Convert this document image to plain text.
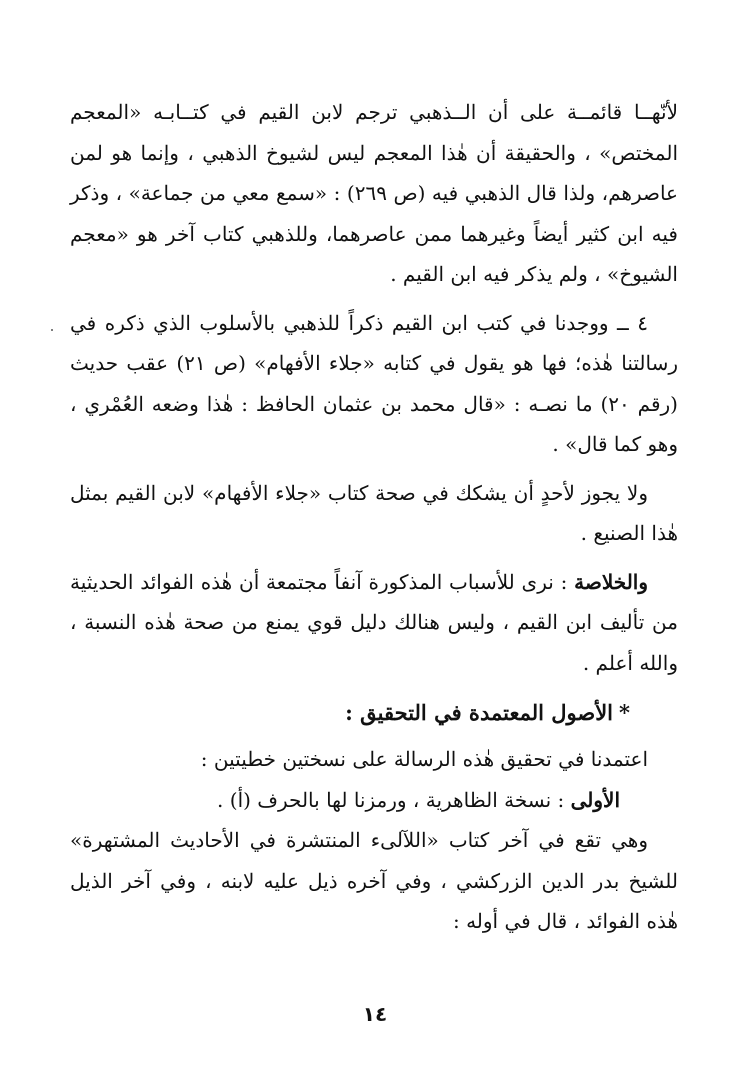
لأنّهــا قائمــة على أن الــذهبي ترجم لابن القيم في كتــابـه «المعجم المختص» ، والحقيقة أن هٰذا المعجم ليس لشيوخ الذهبي ، وإنما هو لمن عاصرهم، ولذا قال الذهبي فيه (ص ٢٦٩) : «سمع معي من جماعة» ، وذكر فيه ابن كثير أيضاً وغيرهما ممن عاصرهما، وللذهبي كتاب آخر هو «معجم الشيوخ» ، ولم يذكر فيه ابن القيم .

٤ ــ ووجدنا في كتب ابن القيم ذكراً للذهبي بالأسلوب الذي ذكره في رسالتنا هٰذه؛ فها هو يقول في كتابه «جلاء الأفهام» (ص ٢١) عقب حديث (رقم ٢٠) ما نصـه : «قال محمد بن عثمان الحافظ : هٰذا وضعه العُمْري ، وهو كما قال» .

ولا يجوز لأحدٍ أن يشكك في صحة كتاب «جلاء الأفهام» لابن القيم بمثل هٰذا الصنيع .

والخلاصة : نرى للأسباب المذكورة آنفاً مجتمعة أن هٰذه الفوائد الحديثية من تأليف ابن القيم ، وليس هنالك دليل قوي يمنع من صحة هٰذه النسبة ، والله أعلم .

*الأصول المعتمدة في التحقيق :

اعتمدنا في تحقيق هٰذه الرسالة على نسختين خطيتين :

الأولى : نسخة الظاهرية ، ورمزنا لها بالحرف (أ) .

وهي تقع في آخر كتاب «اللآلىء المنتشرة في الأحاديث المشتهرة» للشيخ بدر الدين الزركشي ، وفي آخره ذيل عليه لابنه ، وفي آخر الذيل هٰذه الفوائد ، قال في أوله :

١٤
